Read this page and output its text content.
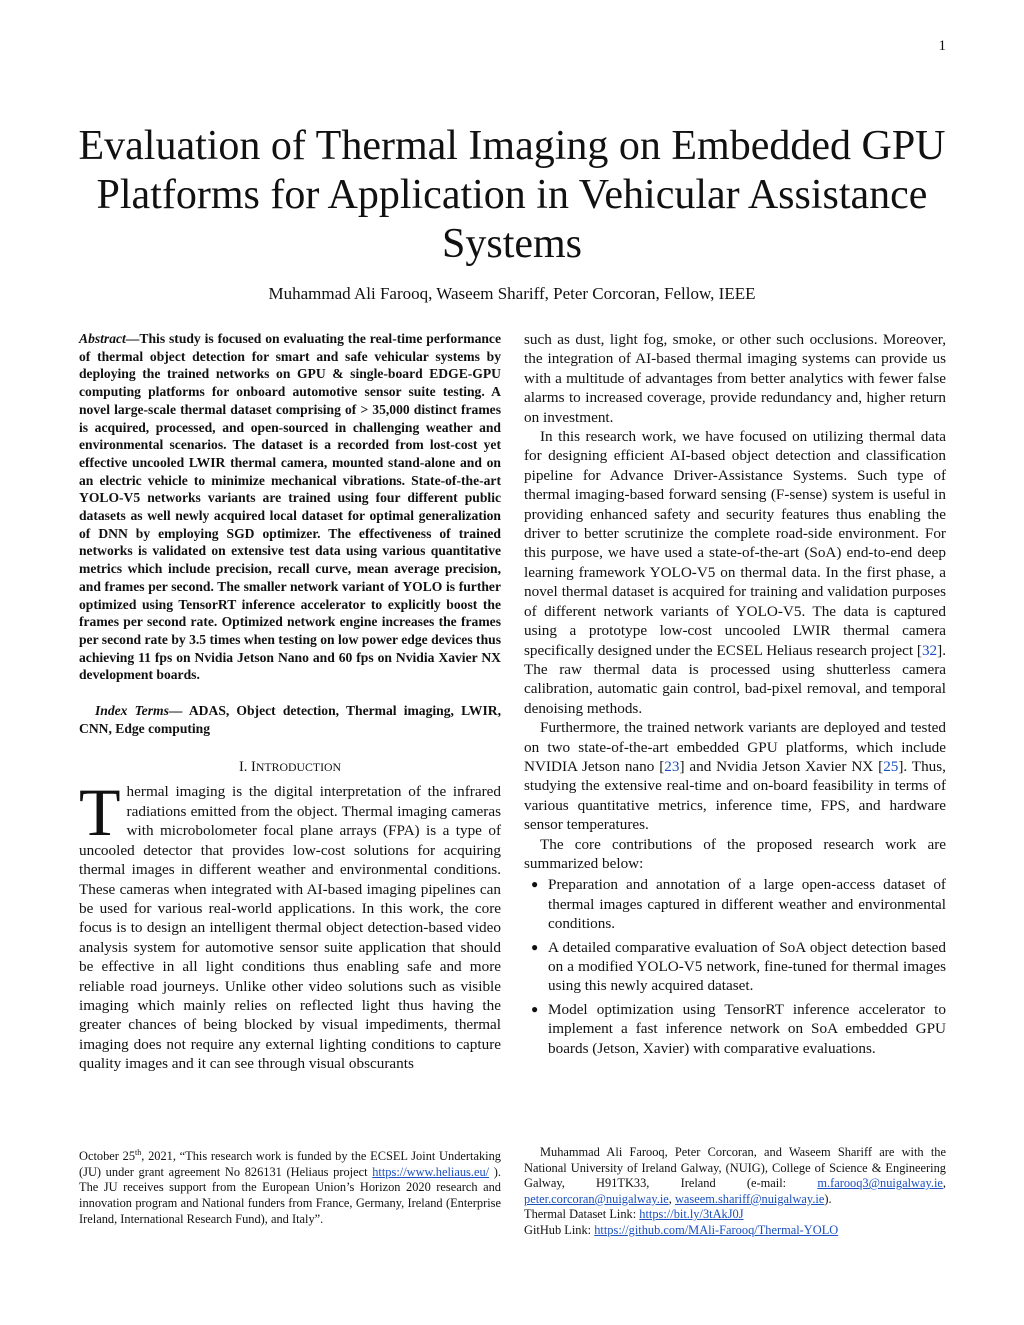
1
Evaluation of Thermal Imaging on Embedded GPU Platforms for Application in Vehicular Assistance Systems
Muhammad Ali Farooq, Waseem Shariff, Peter Corcoran, Fellow, IEEE

Abstract—This study is focused on evaluating the real-time performance of thermal object detection for smart and safe vehicular systems by deploying the trained networks on GPU & single-board EDGE-GPU computing platforms for onboard automotive sensor suite testing. A novel large-scale thermal dataset comprising of > 35,000 distinct frames is acquired, processed, and open-sourced in challenging weather and environmental scenarios. The dataset is a recorded from lost-cost yet effective uncooled LWIR thermal camera, mounted stand-alone and on an electric vehicle to minimize mechanical vibrations. State-of-the-art YOLO-V5 networks variants are trained using four different public datasets as well newly acquired local dataset for optimal generalization of DNN by employing SGD optimizer. The effectiveness of trained networks is validated on extensive test data using various quantitative metrics which include precision, recall curve, mean average precision, and frames per second. The smaller network variant of YOLO is further optimized using TensorRT inference accelerator to explicitly boost the frames per second rate. Optimized network engine increases the frames per second rate by 3.5 times when testing on low power edge devices thus achieving 11 fps on Nvidia Jetson Nano and 60 fps on Nvidia Xavier NX development boards.

Index Terms— ADAS, Object detection, Thermal imaging, LWIR, CNN, Edge computing

I. INTRODUCTION

Thermal imaging is the digital interpretation of the infrared radiations emitted from the object. Thermal imaging cameras with microbolometer focal plane arrays (FPA) is a type of uncooled detector that provides low-cost solutions for acquiring thermal images in different weather and environmental conditions. These cameras when integrated with AI-based imaging pipelines can be used for various real-world applications. In this work, the core focus is to design an intelligent thermal object detection-based video analysis system for automotive sensor suite application that should be effective in all light conditions thus enabling safe and more reliable road journeys. Unlike other video solutions such as visible imaging which mainly relies on reflected light thus having the greater chances of being blocked by visual impediments, thermal imaging does not require any external lighting conditions to capture quality images and it can see through visual obscurants

such as dust, light fog, smoke, or other such occlusions. Moreover, the integration of AI-based thermal imaging systems can provide us with a multitude of advantages from better analytics with fewer false alarms to increased coverage, provide redundancy and, higher return on investment.

In this research work, we have focused on utilizing thermal data for designing efficient AI-based object detection and classification pipeline for Advance Driver-Assistance Systems. Such type of thermal imaging-based forward sensing (F-sense) system is useful in providing enhanced safety and security features thus enabling the driver to better scrutinize the complete road-side environment. For this purpose, we have used a state-of-the-art (SoA) end-to-end deep learning framework YOLO-V5 on thermal data. In the first phase, a novel thermal dataset is acquired for training and validation purposes of different network variants of YOLO-V5. The data is captured using a prototype low-cost uncooled LWIR thermal camera specifically designed under the ECSEL Heliaus research project [32]. The raw thermal data is processed using shutterless camera calibration, automatic gain control, bad-pixel removal, and temporal denoising methods.

Furthermore, the trained network variants are deployed and tested on two state-of-the-art embedded GPU platforms, which include NVIDIA Jetson nano [23] and Nvidia Jetson Xavier NX [25]. Thus, studying the extensive real-time and on-board feasibility in terms of various quantitative metrics, inference time, FPS, and hardware sensor temperatures.

The core contributions of the proposed research work are summarized below:

● Preparation and annotation of a large open-access dataset of thermal images captured in different weather and environmental conditions.
● A detailed comparative evaluation of SoA object detection based on a modified YOLO-V5 network, fine-tuned for thermal images using this newly acquired dataset.
● Model optimization using TensorRT inference accelerator to implement a fast inference network on SoA embedded GPU boards (Jetson, Xavier) with comparative evaluations.

October 25th, 2021, “This research work is funded by the ECSEL Joint Undertaking (JU) under grant agreement No 826131 (Heliaus project https://www.heliaus.eu/ ). The JU receives support from the European Union’s Horizon 2020 research and innovation program and National funders from France, Germany, Ireland (Enterprise Ireland, International Research Fund), and Italy”.

Muhammad Ali Farooq, Peter Corcoran, and Waseem Shariff are with the National University of Ireland Galway, (NUIG), College of Science & Engineering Galway, H91TK33, Ireland (e-mail: m.farooq3@nuigalway.ie, peter.corcoran@nuigalway.ie, waseem.shariff@nuigalway.ie).

Thermal Dataset Link: https://bit.ly/3tAkJ0J

GitHub Link: https://github.com/MAli-Farooq/Thermal-YOLO
